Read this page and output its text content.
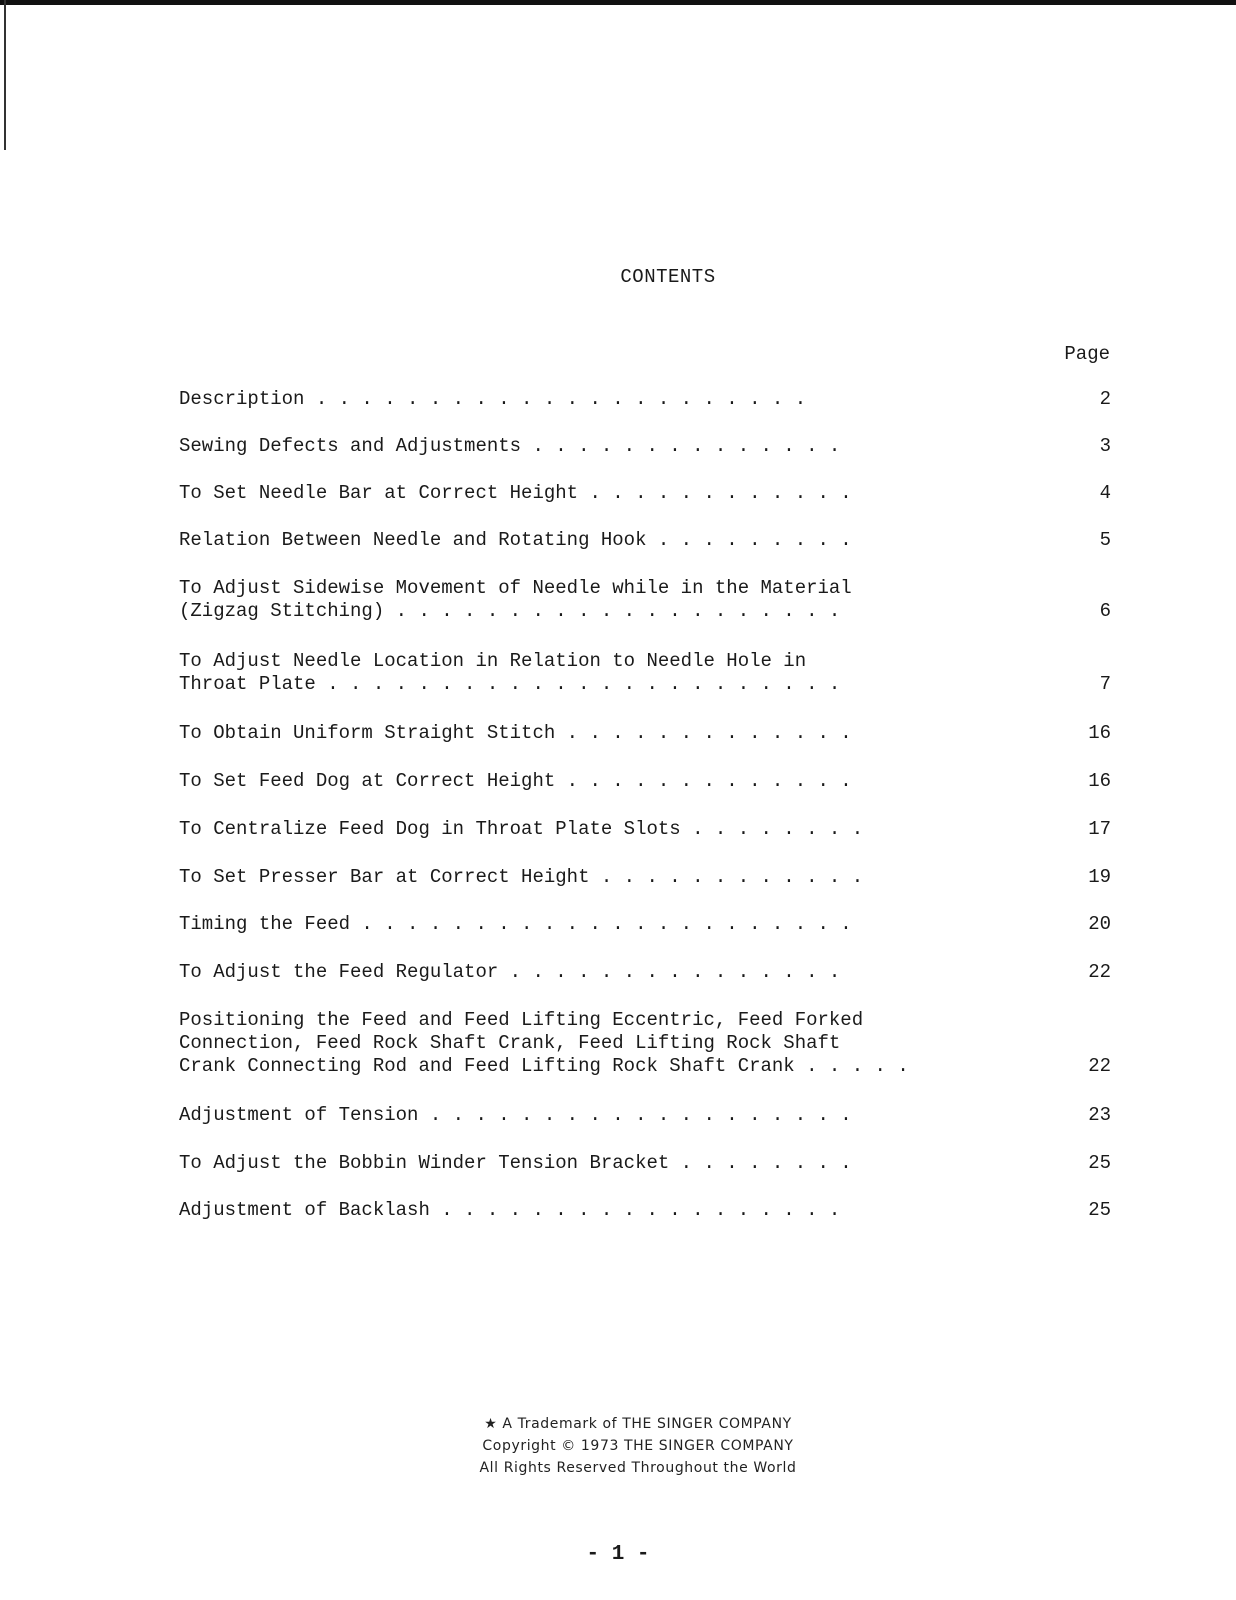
CONTENTS
Page
Description . . . . . . . . . . . . . . . . . . . . . .	2
Sewing Defects and Adjustments . . . . . . . . . . . . . .	3
To Set Needle Bar at Correct Height . . . . . . . . . . . .	4
Relation Between Needle and Rotating Hook . . . . . . . . .	5
To Adjust Sidewise Movement of Needle while in the Material
(Zigzag Stitching) . . . . . . . . . . . . . . . . . . . .	6
To Adjust Needle Location in Relation to Needle Hole in
Throat Plate . . . . . . . . . . . . . . . . . . . . . . .	7
To Obtain Uniform Straight Stitch . . . . . . . . . . . . .	16
To Set Feed Dog at Correct Height . . . . . . . . . . . . .	16
To Centralize Feed Dog in Throat Plate Slots . . . . . . . .	17
To Set Presser Bar at Correct Height . . . . . . . . . . . .	19
Timing the Feed . . . . . . . . . . . . . . . . . . . . . .	20
To Adjust the Feed Regulator . . . . . . . . . . . . . . .	22
Positioning the Feed and Feed Lifting Eccentric, Feed Forked
Connection, Feed Rock Shaft Crank, Feed Lifting Rock Shaft
Crank Connecting Rod and Feed Lifting Rock Shaft Crank . . . . .	22
Adjustment of Tension . . . . . . . . . . . . . . . . . . .	23
To Adjust the Bobbin Winder Tension Bracket . . . . . . . .	25
Adjustment of Backlash . . . . . . . . . . . . . . . . . .	25
★ A Trademark of THE SINGER COMPANY
Copyright © 1973 THE SINGER COMPANY
All Rights Reserved Throughout the World
- 1 -
